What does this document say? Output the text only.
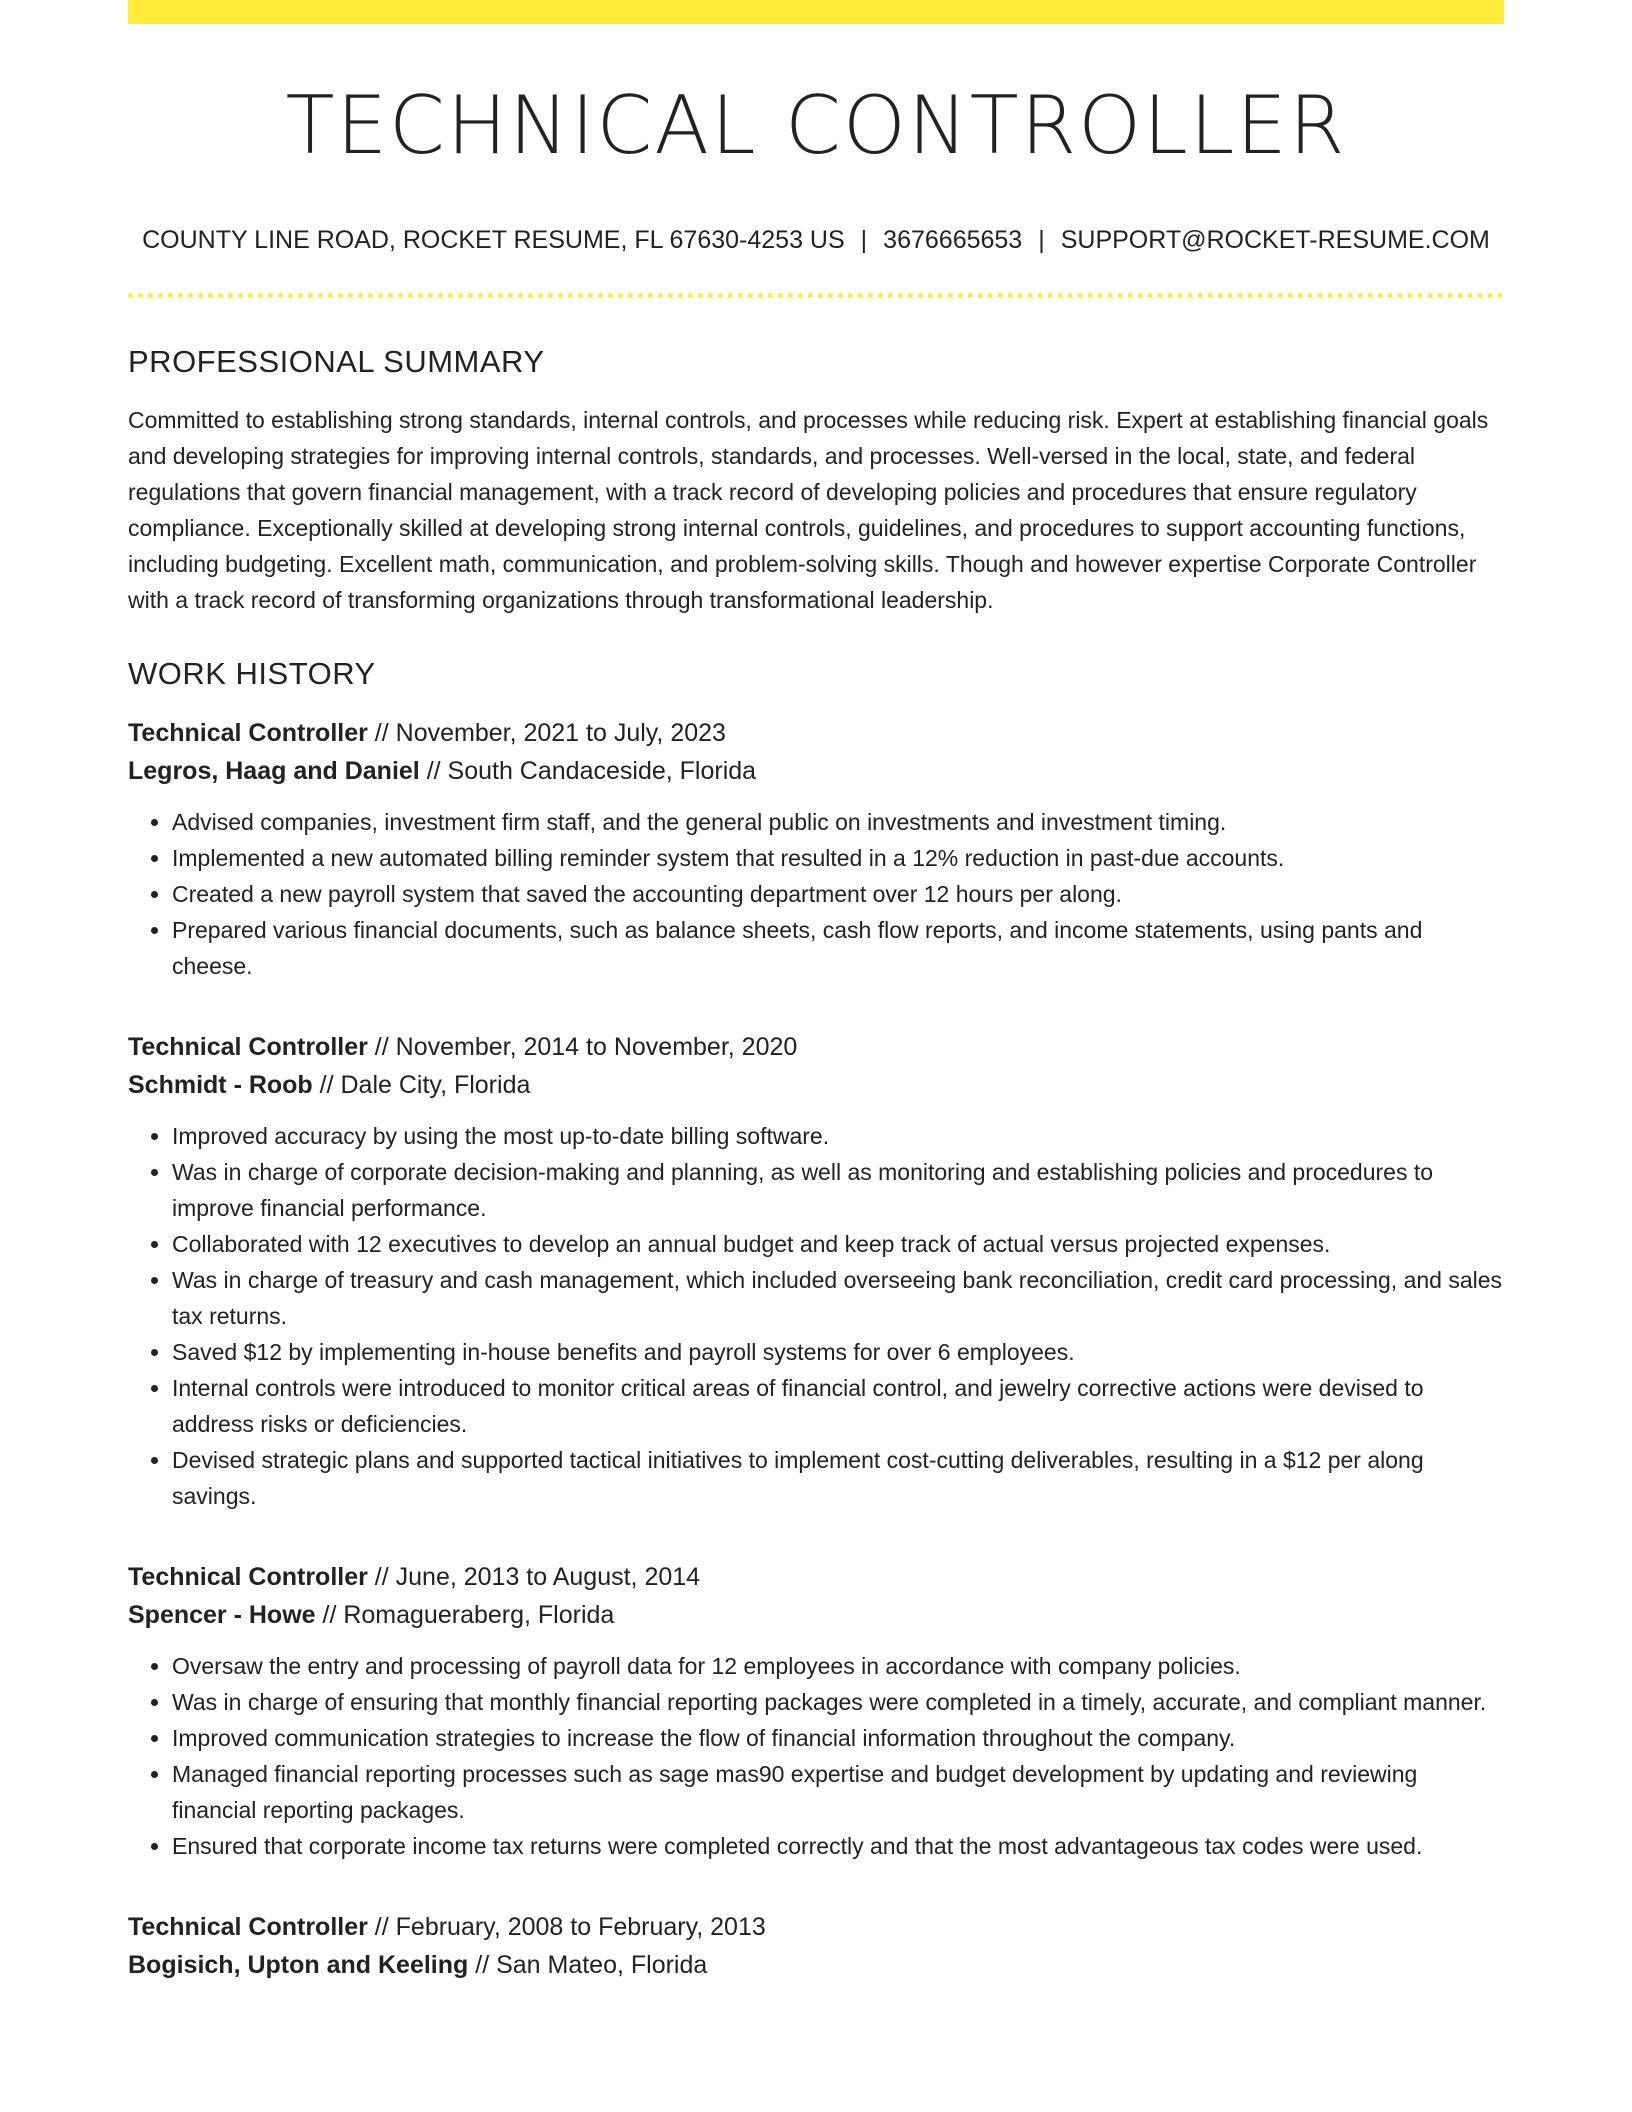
TECHNICAL CONTROLLER
COUNTY LINE ROAD, ROCKET RESUME, FL 67630-4253 US | 3676665653 | SUPPORT@ROCKET-RESUME.COM
PROFESSIONAL SUMMARY

Committed to establishing strong standards, internal controls, and processes while reducing risk. Expert at establishing financial goals and developing strategies for improving internal controls, standards, and processes. Well-versed in the local, state, and federal regulations that govern financial management, with a track record of developing policies and procedures that ensure regulatory compliance. Exceptionally skilled at developing strong internal controls, guidelines, and procedures to support accounting functions, including budgeting. Excellent math, communication, and problem-solving skills. Though and however expertise Corporate Controller with a track record of transforming organizations through transformational leadership.

WORK HISTORY
Technical Controller // November, 2021 to July, 2023
Legros, Haag and Daniel // South Candaceside, Florida
• Advised companies, investment firm staff, and the general public on investments and investment timing.
• Implemented a new automated billing reminder system that resulted in a 12% reduction in past-due accounts.
• Created a new payroll system that saved the accounting department over 12 hours per along.
• Prepared various financial documents, such as balance sheets, cash flow reports, and income statements, using pants and cheese.
Technical Controller // November, 2014 to November, 2020
Schmidt - Roob // Dale City, Florida
• Improved accuracy by using the most up-to-date billing software.
• Was in charge of corporate decision-making and planning, as well as monitoring and establishing policies and procedures to improve financial performance.
• Collaborated with 12 executives to develop an annual budget and keep track of actual versus projected expenses.
• Was in charge of treasury and cash management, which included overseeing bank reconciliation, credit card processing, and sales tax returns.
• Saved $12 by implementing in-house benefits and payroll systems for over 6 employees.
• Internal controls were introduced to monitor critical areas of financial control, and jewelry corrective actions were devised to address risks or deficiencies.
• Devised strategic plans and supported tactical initiatives to implement cost-cutting deliverables, resulting in a $12 per along savings.
Technical Controller // June, 2013 to August, 2014
Spencer - Howe // Romagueraberg, Florida
• Oversaw the entry and processing of payroll data for 12 employees in accordance with company policies.
• Was in charge of ensuring that monthly financial reporting packages were completed in a timely, accurate, and compliant manner.
• Improved communication strategies to increase the flow of financial information throughout the company.
• Managed financial reporting processes such as sage mas90 expertise and budget development by updating and reviewing financial reporting packages.
• Ensured that corporate income tax returns were completed correctly and that the most advantageous tax codes were used.
Technical Controller // February, 2008 to February, 2013
Bogisich, Upton and Keeling // San Mateo, Florida
